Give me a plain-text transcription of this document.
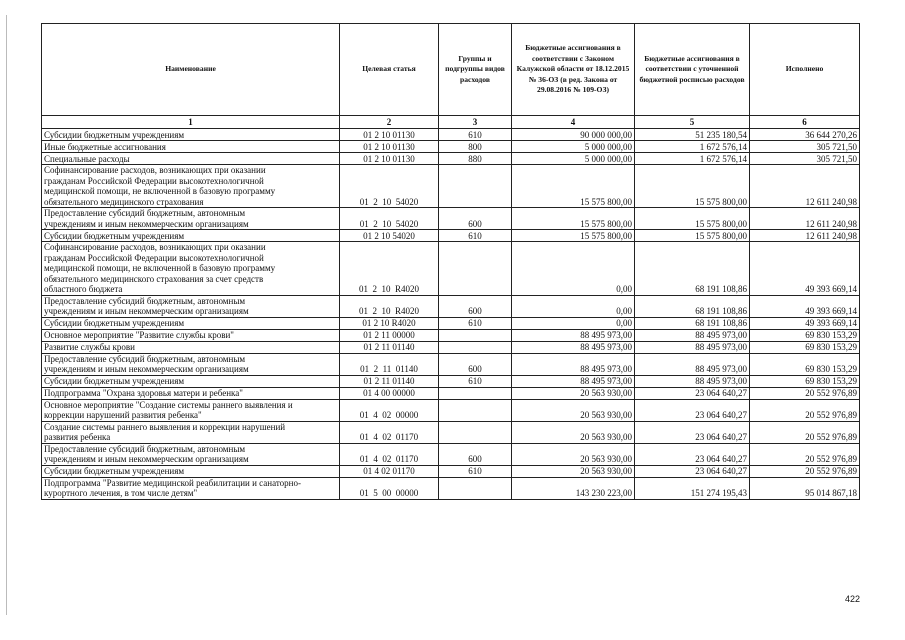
Наименование	Целевая статья	Группы и подгруппы видов расходов	Бюджетные ассигнования в соответствии с Законом Калужской области от 18.12.2015 № 36-ОЗ (в ред. Закона от 29.08.2016 № 109-ОЗ)	Бюджетные ассигнования в соответствии с уточненной бюджетной росписью расходов	Исполнено
1	2	3	4	5	6
Субсидии бюджетным учреждениям	01 2 10 01130	610	90 000 000,00	51 235 180,54	36 644 270,26
Иные бюджетные ассигнования	01 2 10 01130	800	5 000 000,00	1 672 576,14	305 721,50
Специальные расходы	01 2 10 01130	880	5 000 000,00	1 672 576,14	305 721,50
Софинансирование расходов, возникающих при оказании
гражданам Российской Федерации высокотехнологичной
медицинской помощи, не включенной в базовую программу
обязательного медицинского страхования	01  2  10  54020		15 575 800,00	15 575 800,00	12 611 240,98
Предоставление субсидий бюджетным, автономным
учреждениям и иным некоммерческим организациям	01  2  10  54020	600	15 575 800,00	15 575 800,00	12 611 240,98
Субсидии бюджетным учреждениям	01 2 10 54020	610	15 575 800,00	15 575 800,00	12 611 240,98
Софинансирование расходов, возникающих при оказании
гражданам Российской Федерации высокотехнологичной
медицинской помощи, не включенной в базовую программу
обязательного медицинского страхования за счет средств
областного бюджета	01  2  10  R4020		0,00	68 191 108,86	49 393 669,14
Предоставление субсидий бюджетным, автономным
учреждениям и иным некоммерческим организациям	01  2  10  R4020	600	0,00	68 191 108,86	49 393 669,14
Субсидии бюджетным учреждениям	01 2 10 R4020	610	0,00	68 191 108,86	49 393 669,14
Основное мероприятие "Развитие службы крови"	01 2 11 00000		88 495 973,00	88 495 973,00	69 830 153,29
Развитие службы крови	01 2 11 01140		88 495 973,00	88 495 973,00	69 830 153,29
Предоставление субсидий бюджетным, автономным
учреждениям и иным некоммерческим организациям	01  2  11  01140	600	88 495 973,00	88 495 973,00	69 830 153,29
Субсидии бюджетным учреждениям	01 2 11 01140	610	88 495 973,00	88 495 973,00	69 830 153,29
Подпрограмма "Охрана здоровья матери и ребенка"	01 4 00 00000		20 563 930,00	23 064 640,27	20 552 976,89
Основное мероприятие "Создание системы раннего выявления и
коррекции нарушений развития ребенка"	01  4  02  00000		20 563 930,00	23 064 640,27	20 552 976,89
Создание системы раннего выявления и коррекции нарушений
развития ребенка	01  4  02  01170		20 563 930,00	23 064 640,27	20 552 976,89
Предоставление субсидий бюджетным, автономным
учреждениям и иным некоммерческим организациям	01  4  02  01170	600	20 563 930,00	23 064 640,27	20 552 976,89
Субсидии бюджетным учреждениям	01 4 02 01170	610	20 563 930,00	23 064 640,27	20 552 976,89
Подпрограмма "Развитие медицинской реабилитации и санаторно-
курортного лечения, в том числе детям"	01  5  00  00000		143 230 223,00	151 274 195,43	95 014 867,18
422
